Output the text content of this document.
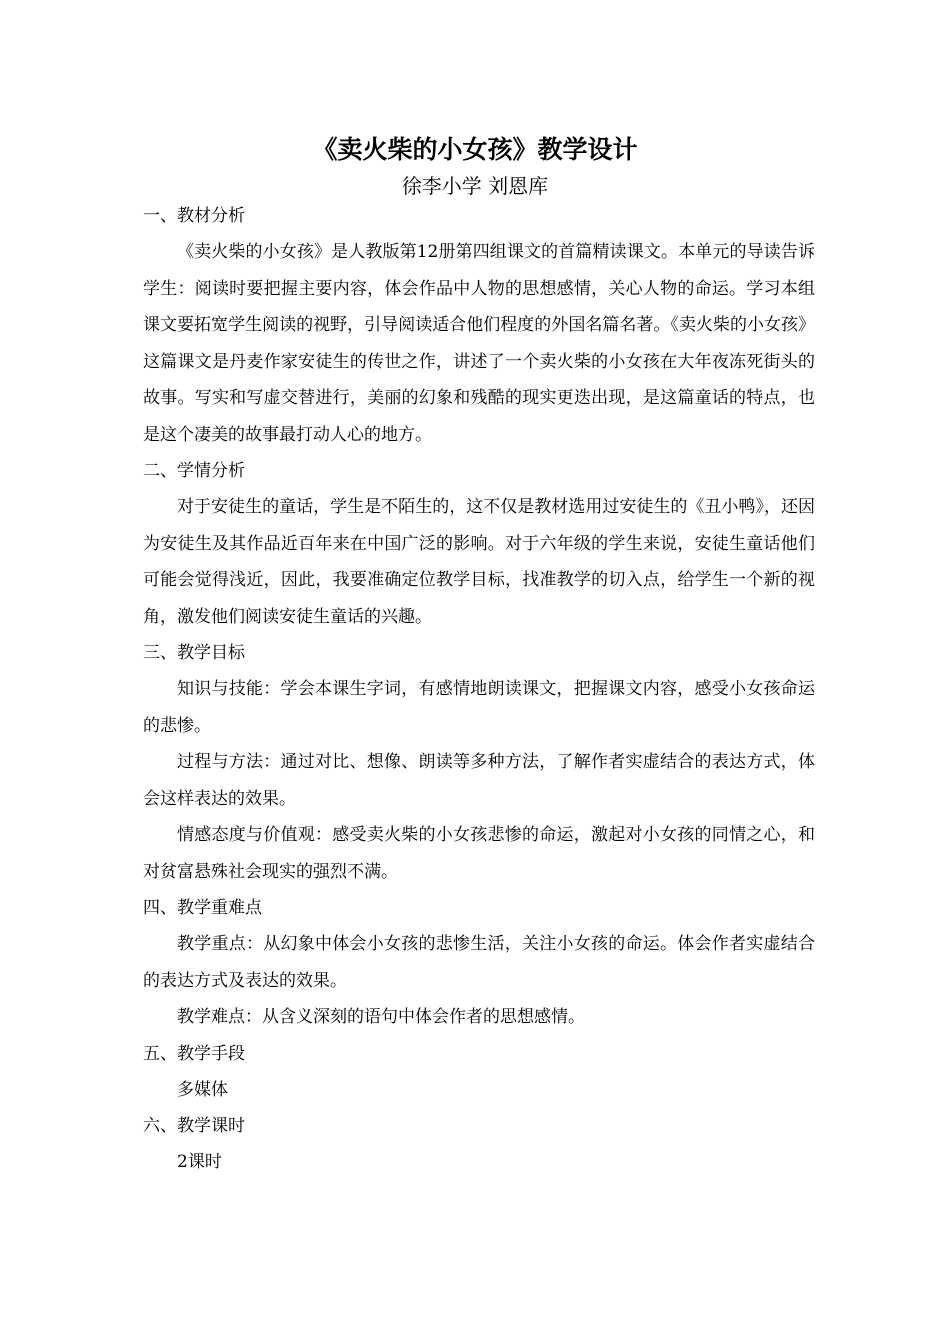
《卖火柴的小女孩》教学设计
徐李小学 刘恩库
一、教材分析

《卖火柴的小女孩》是人教版第12册第四组课文的首篇精读课文。本单元的导读告诉学生：阅读时要把握主要内容，体会作品中人物的思想感情，关心人物的命运。学习本组课文要拓宽学生阅读的视野，引导阅读适合他们程度的外国名篇名著。《卖火柴的小女孩》这篇课文是丹麦作家安徒生的传世之作，讲述了一个卖火柴的小女孩在大年夜冻死街头的故事。写实和写虚交替进行，美丽的幻象和残酷的现实更迭出现，是这篇童话的特点，也是这个凄美的故事最打动人心的地方。

二、学情分析

对于安徒生的童话，学生是不陌生的，这不仅是教材选用过安徒生的《丑小鸭》，还因为安徒生及其作品近百年来在中国广泛的影响。对于六年级的学生来说，安徒生童话他们可能会觉得浅近，因此，我要准确定位教学目标，找准教学的切入点，给学生一个新的视角，激发他们阅读安徒生童话的兴趣。

三、教学目标

知识与技能：学会本课生字词，有感情地朗读课文，把握课文内容，感受小女孩命运的悲惨。

过程与方法：通过对比、想像、朗读等多种方法，了解作者实虚结合的表达方式，体会这样表达的效果。

情感态度与价值观：感受卖火柴的小女孩悲惨的命运，激起对小女孩的同情之心，和对贫富悬殊社会现实的强烈不满。

四、教学重难点

教学重点：从幻象中体会小女孩的悲惨生活，关注小女孩的命运。体会作者实虚结合的表达方式及表达的效果。

教学难点：从含义深刻的语句中体会作者的思想感情。

五、教学手段
多媒体
六、教学课时
2课时
